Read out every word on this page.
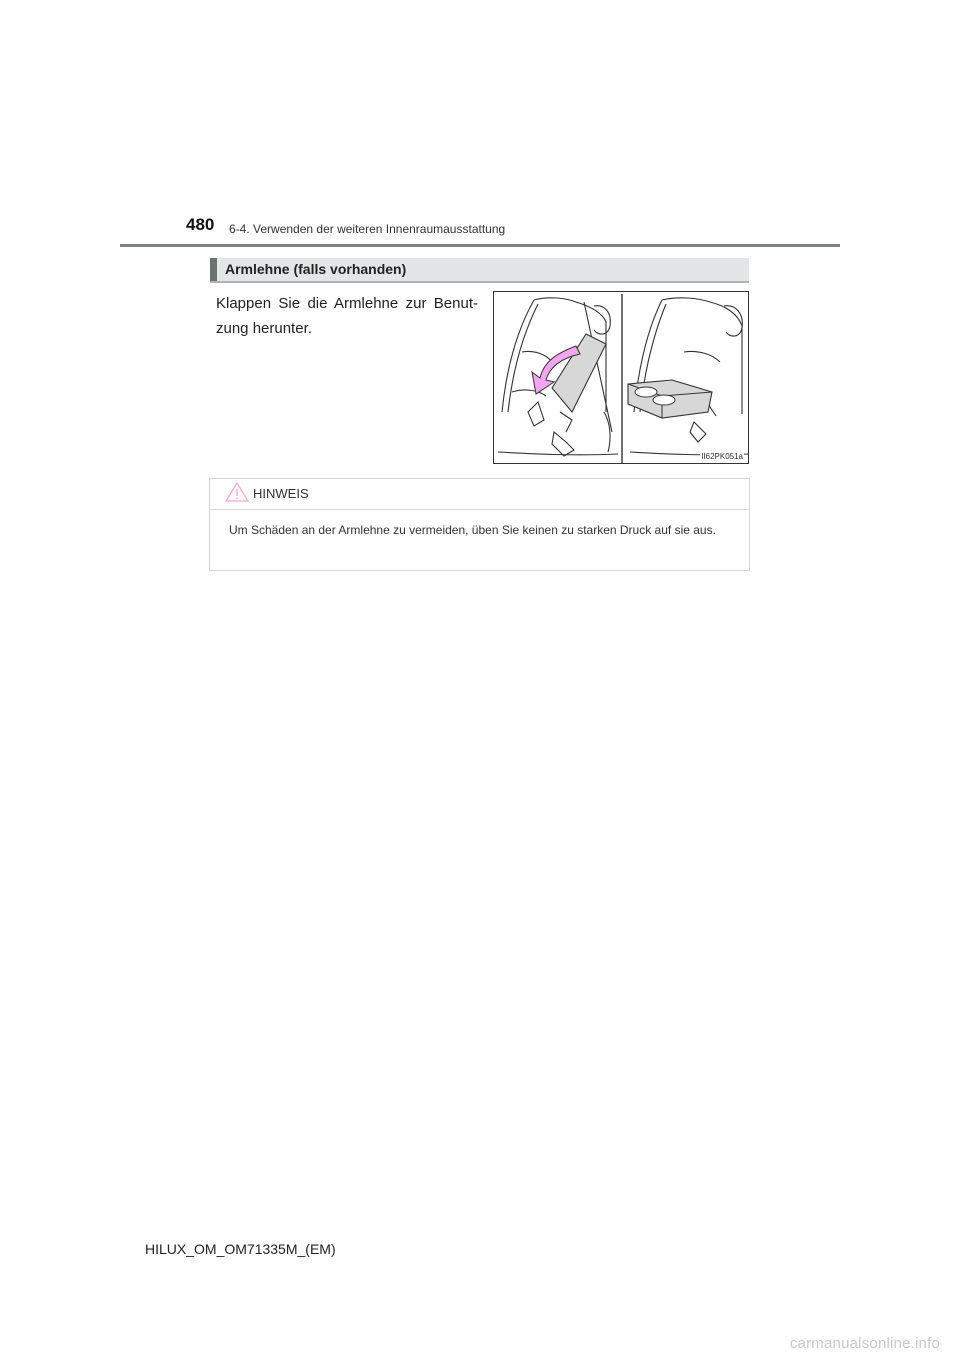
480 6-4. Verwenden der weiteren Innenraumausstattung
Armlehne (falls vorhanden)
Klappen Sie die Armlehne zur Benut-zung herunter.
II62PK051a
HINWEIS
Um Schäden an der Armlehne zu vermeiden, üben Sie keinen zu starken Druck auf sie aus.
HILUX_OM_OM71335M_(EM)
carmanualsonline.info
